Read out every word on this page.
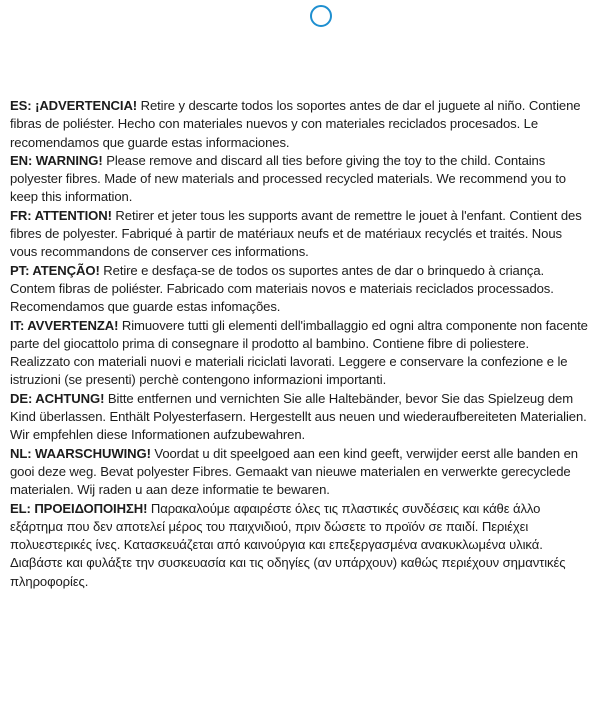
ES: ¡ADVERTENCIA! Retire y descarte todos los soportes antes de dar el juguete al niño. Contiene fibras de poliéster. Hecho con materiales nuevos y con materiales reciclados procesados. Le recomendamos que guarde estas informaciones.

EN: WARNING! Please remove and discard all ties before giving the toy to the child. Contains polyester fibres. Made of new materials and processed recycled materials. We recommend you to keep this information.

FR: ATTENTION! Retirer et jeter tous les supports avant de remettre le jouet à l'enfant. Contient des fibres de polyester. Fabriqué à partir de matériaux neufs et de matériaux recyclés et traités. Nous vous recommandons de conserver ces informations.

PT: ATENÇÃO! Retire e desfaça-se de todos os suportes antes de dar o brinquedo à criança. Contem fibras de poliéster. Fabricado com materiais novos e materiais reciclados processados. Recomendamos que guarde estas infomações.

IT: AVVERTENZA! Rimuovere tutti gli elementi dell'imballaggio ed ogni altra componente non facente parte del giocattolo prima di consegnare il prodotto al bambino. Contiene fibre di poliestere. Realizzato con materiali nuovi e materiali riciclati lavorati. Leggere e conservare la confezione e le istruzioni (se presenti) perchè contengono informazioni importanti.

DE: ACHTUNG! Bitte entfernen und vernichten Sie alle Haltebänder, bevor Sie das Spielzeug dem Kind überlassen. Enthält Polyesterfasern. Hergestellt aus neuen und wiederaufbereiteten Materialien. Wir empfehlen diese Informationen aufzubewahren.

NL: WAARSCHUWING! Voordat u dit speelgoed aan een kind geeft, verwijder eerst alle banden en gooi deze weg. Bevat polyester Fibres. Gemaakt van nieuwe materialen en verwerkte gerecyclede materialen. Wij raden u aan deze informatie te bewaren.

EL: ΠΡΟΕΙΔΟΠΟΙΗΣΗ! Παρακαλούμε αφαιρέστε όλες τις πλαστικές συνδέσεις και κάθε άλλο εξάρτημα που δεν αποτελεί μέρος του παιχνιδιού, πριν δώσετε το προϊόν σε παιδί. Περιέχει πολυεστερικές ίνες. Κατασκευάζεται από καινούργια και επεξεργασμένα ανακυκλωμένα υλικά. Διαβάστε και φυλάξτε την συσκευασία και τις οδηγίες (αν υπάρχουν) καθώς περιέχουν σημαντικές πληροφορίες.
